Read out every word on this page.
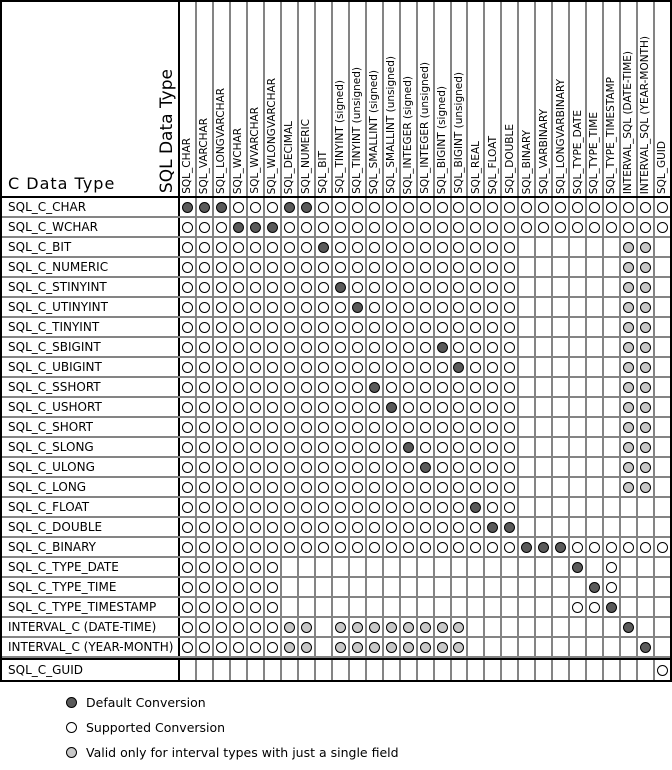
C Data Type SQL Data Type SQL_CHAR SQL_VARCHAR SQL_LONGVARCHAR SQL_WCHAR SQL_WVARCHAR SQL_WLONGVARCHAR SQL_DECIMAL SQL_NUMERIC SQL_BIT SQL_TINYINT (signed) SQL_TINYINT (unsigned) SQL_SMALLINT (signed) SQL_SMALLINT (unsigned) SQL_INTEGER (signed) SQL_INTEGER (unsigned) SQL_BIGINT (signed) SQL_BIGINT (unsigned) SQL_REAL SQL_FLOAT SQL_DOUBLE SQL_BINARY SQL_VARBINARY SQL_LONGVARBINARY SQL_TYPE_DATE SQL_TYPE_TIME SQL_TYPE_TIMESTAMP INTERVAL_SQL (DATE-TIME) INTERVAL_SQL (YEAR-MONTH) SQL_GUID
SQL_C_CHAR
SQL_C_WCHAR
SQL_C_BIT
SQL_C_NUMERIC
SQL_C_STINYINT
SQL_C_UTINYINT
SQL_C_TINYINT
SQL_C_SBIGINT
SQL_C_UBIGINT
SQL_C_SSHORT
SQL_C_USHORT
SQL_C_SHORT
SQL_C_SLONG
SQL_C_ULONG
SQL_C_LONG
SQL_C_FLOAT
SQL_C_DOUBLE
SQL_C_BINARY
SQL_C_TYPE_DATE
SQL_C_TYPE_TIME
SQL_C_TYPE_TIMESTAMP
INTERVAL_C (DATE-TIME)
INTERVAL_C (YEAR-MONTH)
SQL_C_GUID
Default Conversion
Supported Conversion
Valid only for interval types with just a single field
